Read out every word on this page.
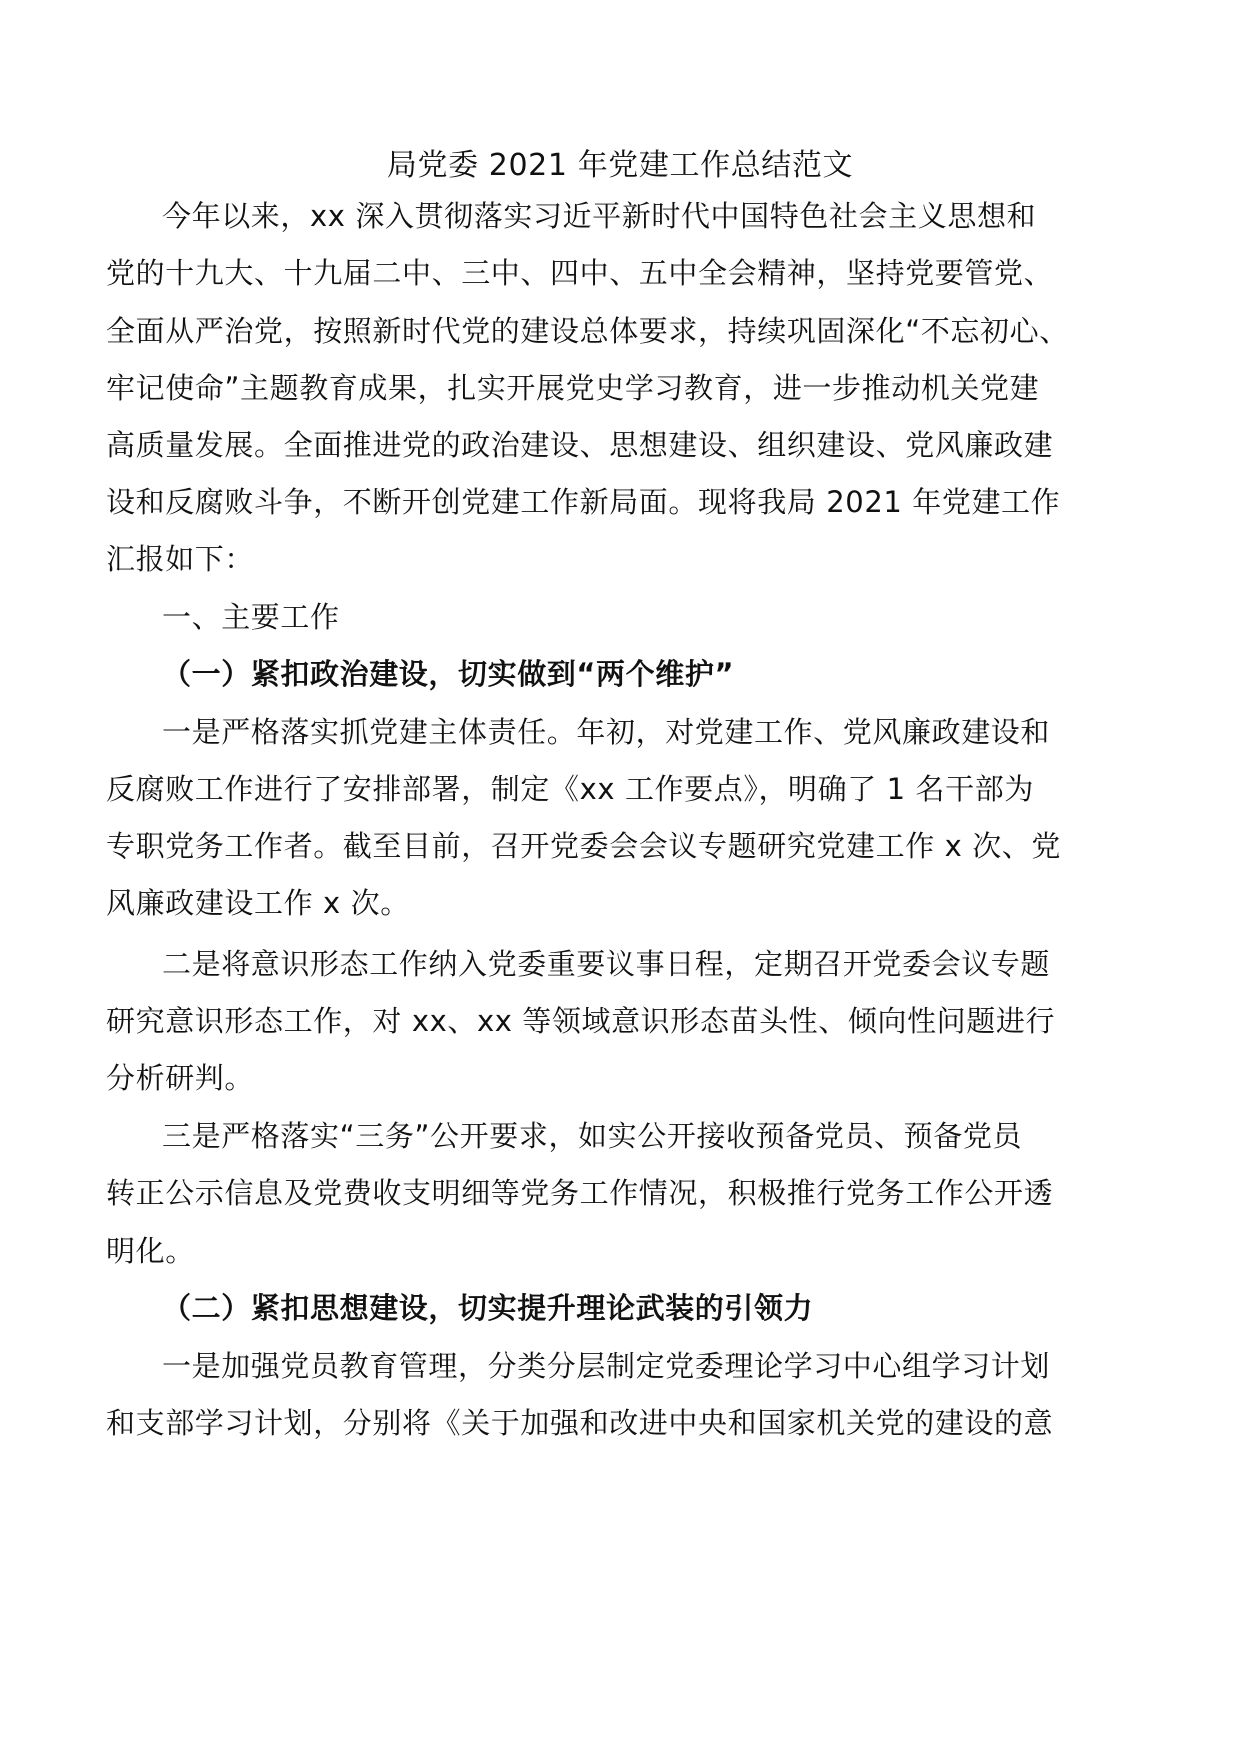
局党委 2021 年党建工作总结范文
今年以来，xx 深入贯彻落实习近平新时代中国特色社会主义思想和
党的十九大、十九届二中、三中、四中、五中全会精神，坚持党要管党、
全面从严治党，按照新时代党的建设总体要求，持续巩固深化“不忘初心、
牢记使命”主题教育成果，扎实开展党史学习教育，进一步推动机关党建
高质量发展。全面推进党的政治建设、思想建设、组织建设、党风廉政建
设和反腐败斗争，不断开创党建工作新局面。现将我局 2021 年党建工作
汇报如下：
一、主要工作
（一）紧扣政治建设，切实做到“两个维护”
一是严格落实抓党建主体责任。年初，对党建工作、党风廉政建设和
反腐败工作进行了安排部署，制定《xx 工作要点》，明确了 1 名干部为
专职党务工作者。截至目前，召开党委会会议专题研究党建工作 x 次、党
风廉政建设工作 x 次。
二是将意识形态工作纳入党委重要议事日程，定期召开党委会议专题
研究意识形态工作，对 xx、xx 等领域意识形态苗头性、倾向性问题进行
分析研判。
三是严格落实“三务”公开要求，如实公开接收预备党员、预备党员
转正公示信息及党费收支明细等党务工作情况，积极推行党务工作公开透
明化。
（二）紧扣思想建设，切实提升理论武装的引领力
一是加强党员教育管理，分类分层制定党委理论学习中心组学习计划
和支部学习计划，分别将《关于加强和改进中央和国家机关党的建设的意
